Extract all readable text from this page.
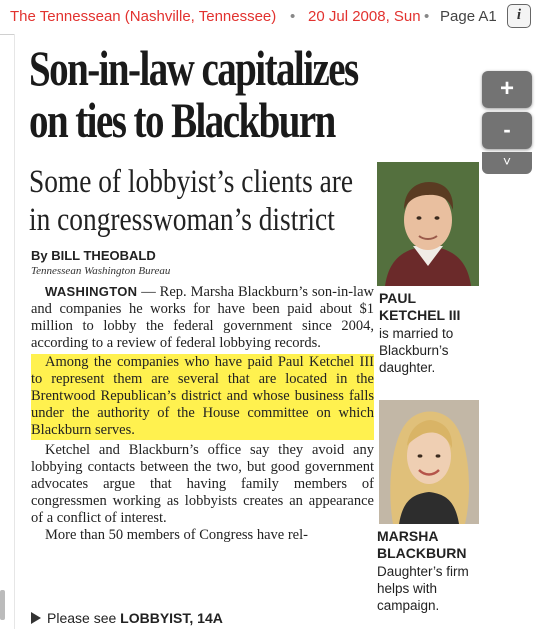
The Tennessean (Nashville, Tennessee) • 20 Jul 2008, Sun • Page A1	i
Son-in-law capitalizes
on ties to Blackburn
Some of lobbyist’s clients are
in congresswoman’s district
By BILL THEOBALD
Tennessean Washington Bureau

WASHINGTON — Rep. Marsha Blackburn’s son-in-law and companies he works for have been paid about $1 million to lobby the federal government since 2004, according to a review of federal lobbying records.

Among the companies who have paid Paul Ketchel III to represent them are several that are located in the Brentwood Republican’s district and whose business falls under the authority of the House committee on which Blackburn serves.

Ketchel and Blackburn’s office say they avoid any lobbying contacts between the two, but good government advocates argue that having family members of congressmen working as lobbyists creates an appearance of a conflict of interest.

More than 50 members of Congress have rel-

Please see LOBBYIST, 14A
PAUL
KETCHEL III
is married to Blackburn’s daughter.
MARSHA
BLACKBURN
Daughter’s firm helps with campaign.
+
-
˅
